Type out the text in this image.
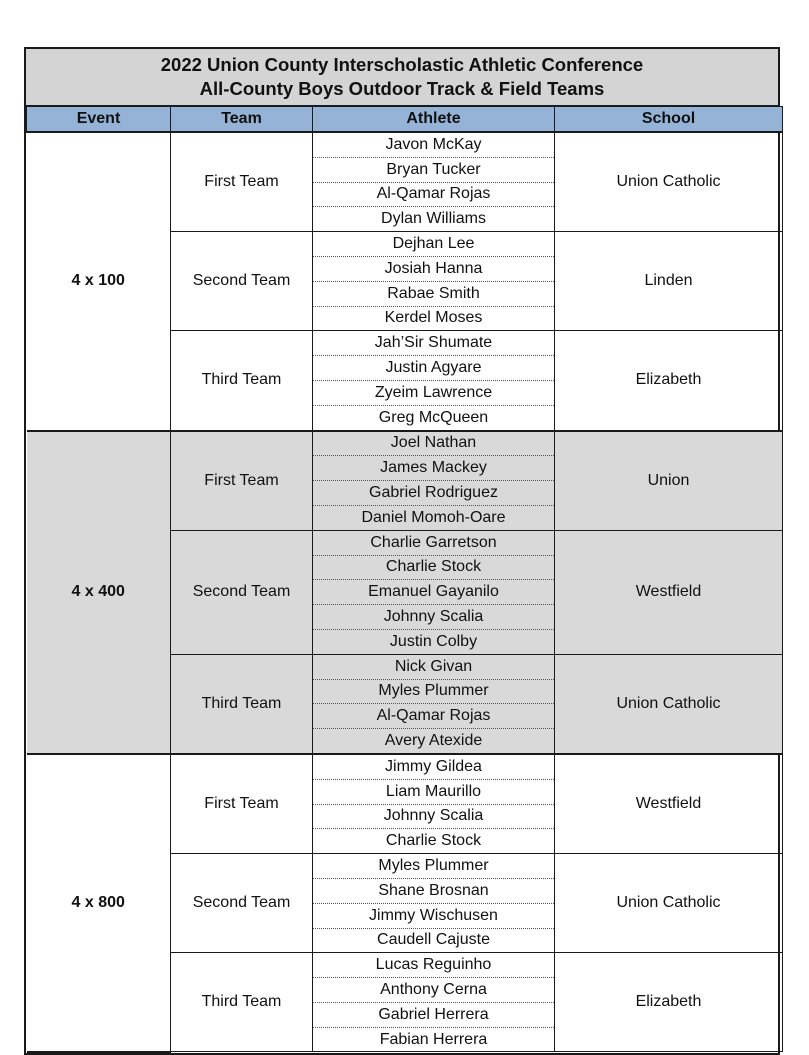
2022 Union County Interscholastic Athletic Conference
All-County Boys Outdoor Track & Field Teams
Event	Team	Athlete	School
4 x 100	First Team	Javon McKay	Union Catholic
		Bryan Tucker	
		Al-Qamar Rojas	
		Dylan Williams	
	Second Team	Dejhan Lee	Linden
		Josiah Hanna	
		Rabae Smith	
		Kerdel Moses	
	Third Team	Jah’Sir Shumate	Elizabeth
		Justin Agyare	
		Zyeim Lawrence	
		Greg McQueen	
4 x 400	First Team	Joel Nathan	Union
		James Mackey	
		Gabriel Rodriguez	
		Daniel Momoh-Oare	
	Second Team	Charlie Garretson	Westfield
		Charlie Stock	
		Emanuel Gayanilo	
		Johnny Scalia	
		Justin Colby	
	Third Team	Nick Givan	Union Catholic
		Myles Plummer	
		Al-Qamar Rojas	
		Avery Atexide	
4 x 800	First Team	Jimmy Gildea	Westfield
		Liam Maurillo	
		Johnny Scalia	
		Charlie Stock	
	Second Team	Myles Plummer	Union Catholic
		Shane Brosnan	
		Jimmy Wischusen	
		Caudell Cajuste	
	Third Team	Lucas Reguinho	Elizabeth
		Anthony Cerna	
		Gabriel Herrera	
		Fabian Herrera	
